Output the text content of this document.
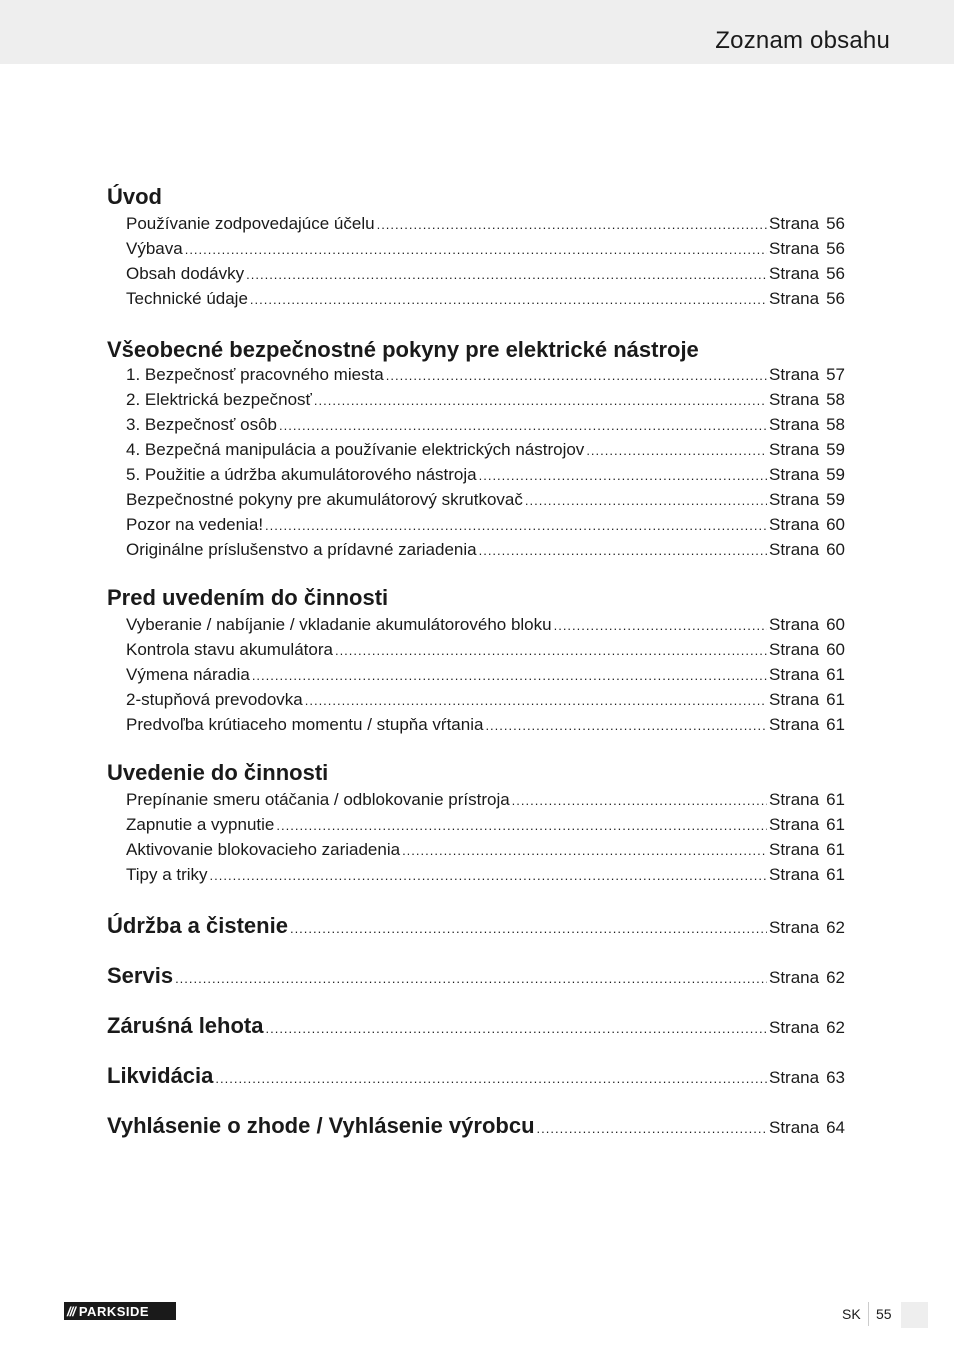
Zoznam obsahu
Úvod
Používanie zodpovedajúce účelu .....	Strana 56
Výbava .....	Strana 56
Obsah dodávky .....	Strana 56
Technické údaje .....	Strana 56
Všeobecné bezpečnostné pokyny pre elektrické nástroje
1. Bezpečnosť pracovného miesta .....	Strana 57
2. Elektrická bezpečnosť .....	Strana 58
3. Bezpečnosť osôb .....	Strana 58
4. Bezpečná manipulácia a používanie elektrických nástrojov .....	Strana 59
5. Použitie a údržba akumulátorového nástroja .....	Strana 59
Bezpečnostné pokyny pre akumulátorový skrutkovač .....	Strana 59
Pozor na vedenia! .....	Strana 60
Originálne príslušenstvo a prídavné zariadenia .....	Strana 60
Pred uvedením do činnosti
Vyberanie / nabíjanie / vkladanie akumulátorového bloku .....	Strana 60
Kontrola stavu akumulátora .....	Strana 60
Výmena náradia .....	Strana 61
2-stupňová prevodovka .....	Strana 61
Predvoľba krútiaceho momentu / stupňa vŕtania .....	Strana 61
Uvedenie do činnosti
Prepínanie smeru otáčania / odblokovanie prístroja .....	Strana 61
Zapnutie a vypnutie .....	Strana 61
Aktivovanie blokovacieho zariadenia .....	Strana 61
Tipy a triky .....	Strana 61
Údržba a čistenie .....	Strana 62
Servis .....	Strana 62
Záruśná lehota .....	Strana 62
Likvidácia .....	Strana 63
Vyhlásenie o zhode / Vyhlásenie výrobcu .....	Strana 64
/// PARKSIDE	SK 55
